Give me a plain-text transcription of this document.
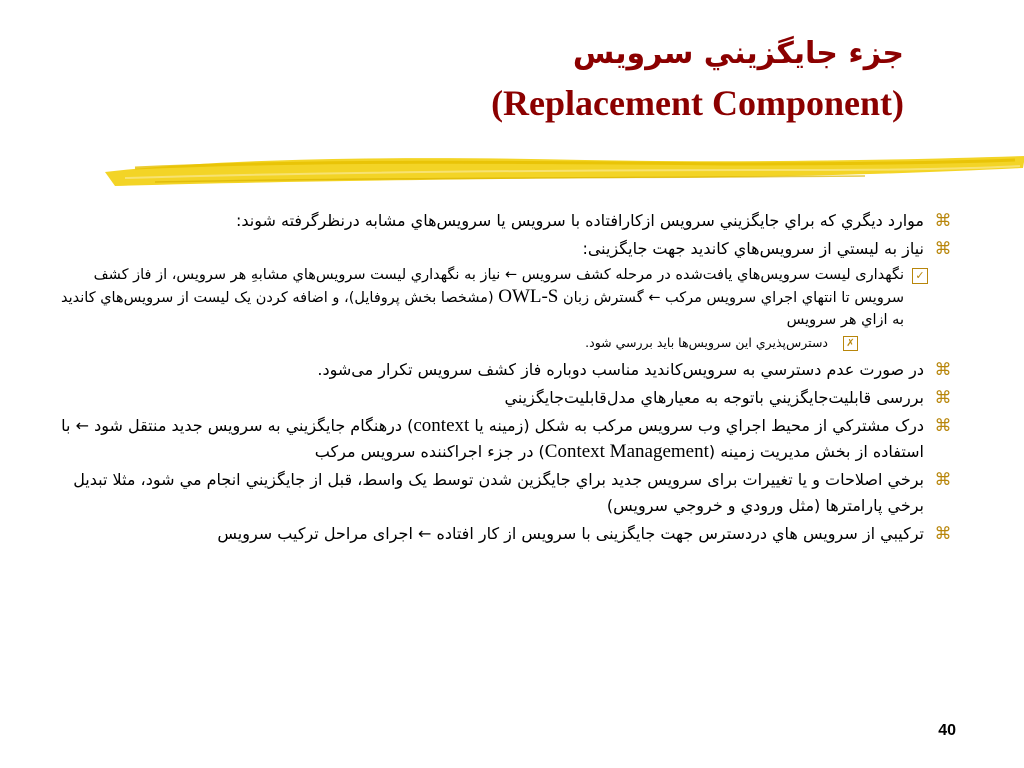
جزء جايگزيني سرويس
(Replacement Component)
⌘
موارد ديگري كه براي جايگزيني سرويس ازكارافتاده با سرويس يا سرويس‌هاي مشابه درنظرگرفته شوند:
⌘
نياز به ليستي از سرويس‌هاي كانديد جهت جايگزينی:
✓
نگهداری ليست سرويس‌هاي يافت‌شده در مرحله كشف سرويس ← نياز به نگهداري ليست سرويس‌هاي مشابهِ هر سرويس، از فاز كشف سرويس تا انتهاي اجراي سرويس مركب ← گسترش زبان OWL-S (مشخصا بخش پروفايل)، و اضافه كردن يک ليست از سرويس‌هاي كانديد به ازاي هر سرويس
✗
دسترس‌پذيري اين سرويس‌ها بايد بررسي شود.
⌘
در صورت عدم دسترسي به سرويس‌كانديد مناسب دوباره فاز كشف سرويس تكرار می‌شود.
⌘
بررسی قابليت‌جايگزيني باتوجه به معيارهاي مدل‌قابليت‌جايگزيني
⌘
درک مشترکي از محيط اجراي وب سرويس مرکب به شکل (زمينه يا context) درهنگام جايگزيني به سرويس جديد منتقل شود ← با استفاده از بخش مديريت زمينه (Context Management) در جزء اجراکننده سرويس مرکب
⌘
برخي اصلاحات و يا تغييرات برای سرويس جديد براي جايگزين شدن توسط یک واسط، قبل از جايگزيني انجام مي شود، مثلا تبديل برخي پارامترها (مثل ورودي و خروجي سرويس)
⌘
تركيبي از سرويس هاي دردسترس جهت جايگزينی با سرويس از كار افتاده ← اجرای مراحل تركيب سرويس
40
